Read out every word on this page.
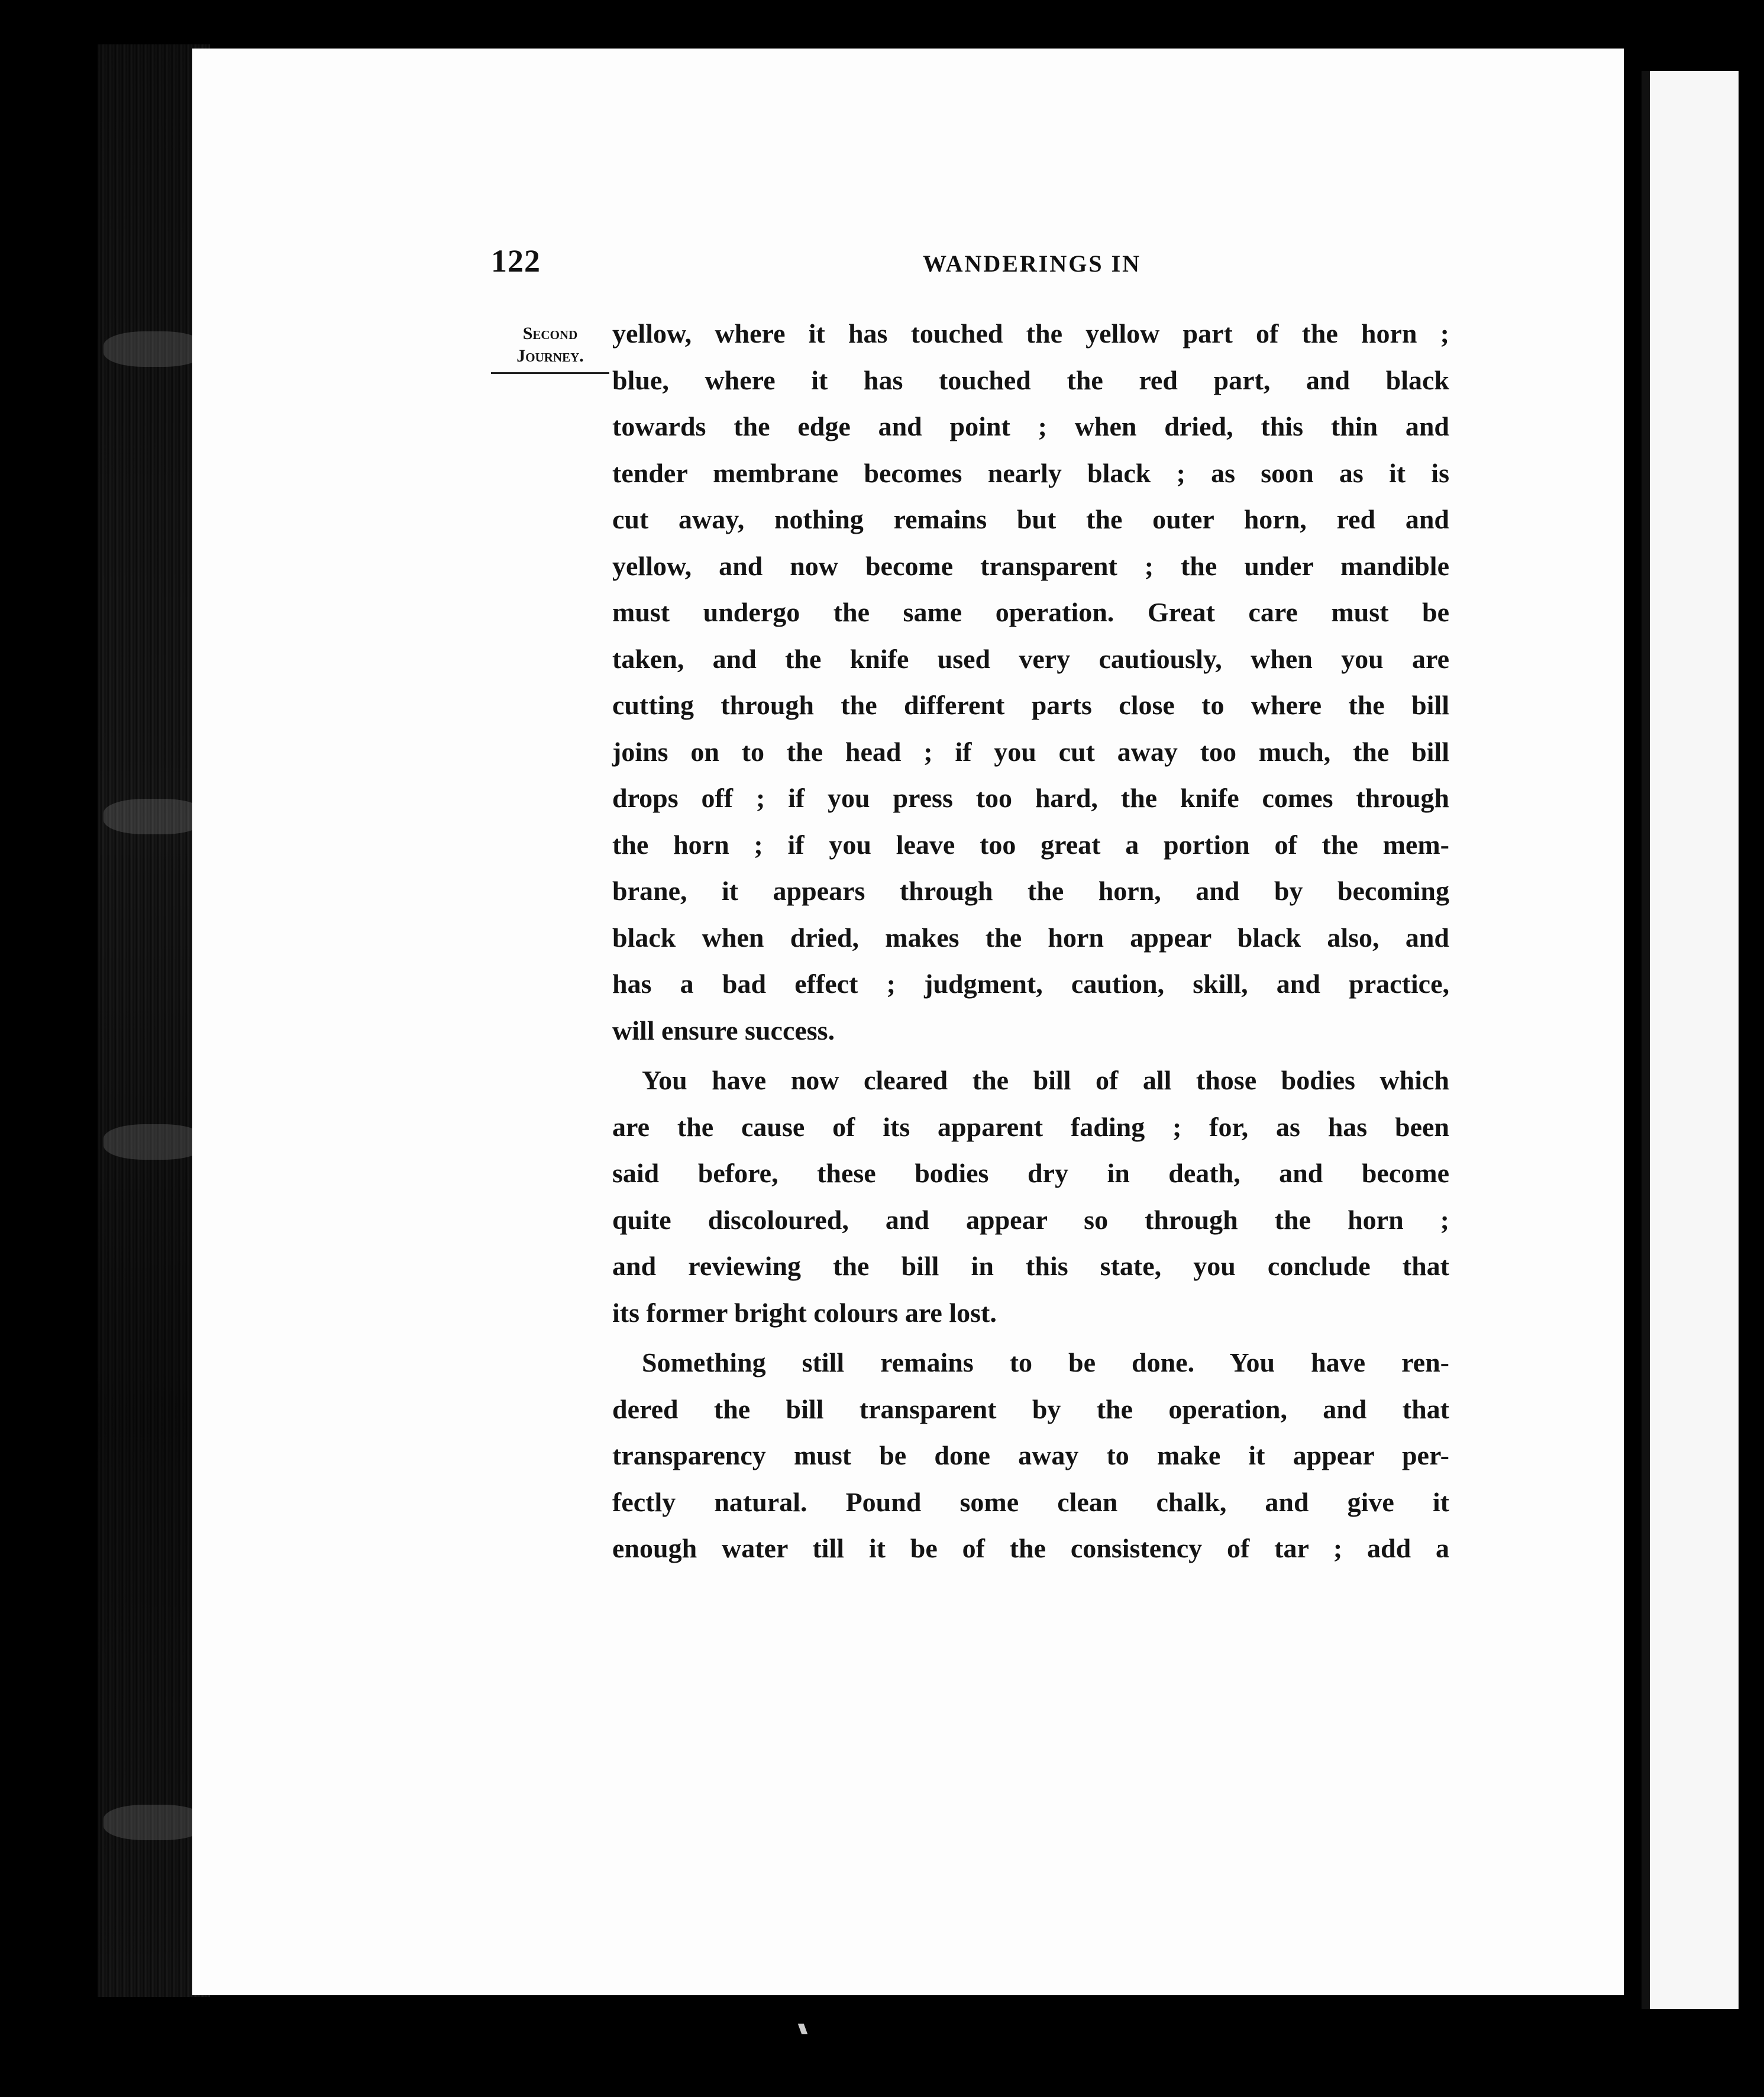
122	WANDERINGS IN
Second
Journey.
yellow, where it has touched the yellow part of the horn ;
blue, where it has touched the red part, and black
towards the edge and point ; when dried, this thin and
tender membrane becomes nearly black ; as soon as it is
cut away, nothing remains but the outer horn, red and
yellow, and now become transparent ; the under mandible
must undergo the same operation. Great care must be
taken, and the knife used very cautiously, when you are
cutting through the different parts close to where the bill
joins on to the head ; if you cut away too much, the bill
drops off ; if you press too hard, the knife comes through
the horn ; if you leave too great a portion of the mem-
brane, it appears through the horn, and by becoming
black when dried, makes the horn appear black also, and
has a bad effect ; judgment, caution, skill, and practice,
will ensure success.
You have now cleared the bill of all those bodies which
are the cause of its apparent fading ; for, as has been
said before, these bodies dry in death, and become
quite discoloured, and appear so through the horn ;
and reviewing the bill in this state, you conclude that
its former bright colours are lost.
Something still remains to be done. You have ren-
dered the bill transparent by the operation, and that
transparency must be done away to make it appear per-
fectly natural. Pound some clean chalk, and give it
enough water till it be of the consistency of tar ; add a
